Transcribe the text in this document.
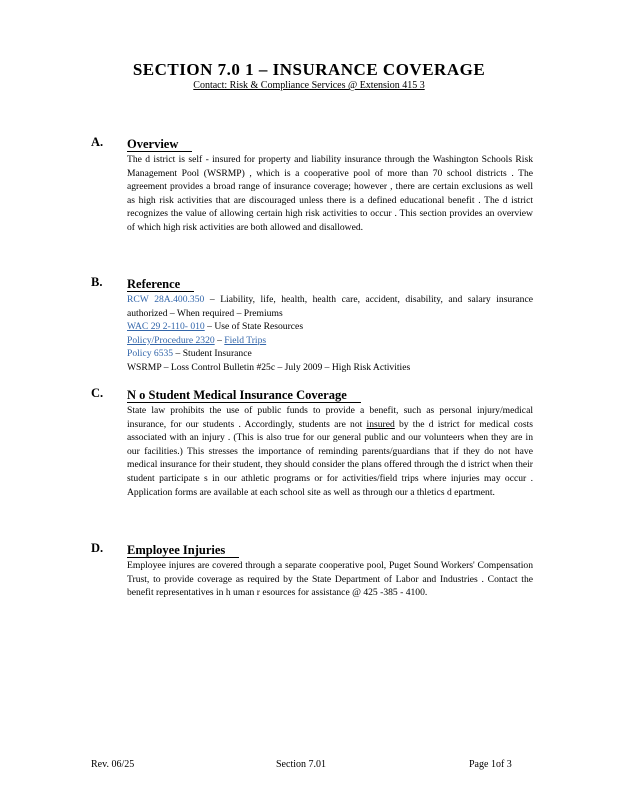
SECTION 7.0 1 – INSURANCE COVERAGE
Contact: Risk & Compliance Services @ Extension 415 3
A. Overview

The d istrict is self - insured for property and liability insurance through the Washington Schools Risk Management Pool (WSRMP) , which is a cooperative pool of more than 70 school districts . The agreement provides a broad range of insurance coverage; however , there are certain exclusions as well as high risk activities that are discouraged unless there is a defined educational benefit . The d istrict recognizes the value of allowing certain high risk activities to occur . This section provides an overview of which high risk activities are both allowed and disallowed.

B. Reference

RCW 28A.400.350 – Liability, life, health, health care, accident, disability, and salary insurance authorized – When required – Premiums

WAC 29 2-110- 010 – Use of State Resources
Policy/Procedure 2320 – Field Trips
Policy 6535 – Student Insurance
WSRMP – Loss Control Bulletin #25c – July 2009 – High Risk Activities
C. N o Student Medical Insurance Coverage

State law prohibits the use of public funds to provide a benefit, such as personal injury/medical insurance, for our students . Accordingly, students are not insured by the d istrict for medical costs associated with an injury . (This is also true for our general public and our volunteers when they are in our facilities.) This stresses the importance of reminding parents/guardians that if they do not have medical insurance for their student, they should consider the plans offered through the d istrict when their student participate s in our athletic programs or for activities/field trips where injuries may occur . Application forms are available at each school site as well as through our a thletics d epartment.

D. Employee Injuries

Employee injures are covered through a separate cooperative pool, Puget Sound Workers' Compensation Trust, to provide coverage as required by the State Department of Labor and Industries . Contact the benefit representatives in h uman r esources for assistance @ 425 -385 - 4100.

Rev. 06/25	Section 7.01	Page 1of 3
